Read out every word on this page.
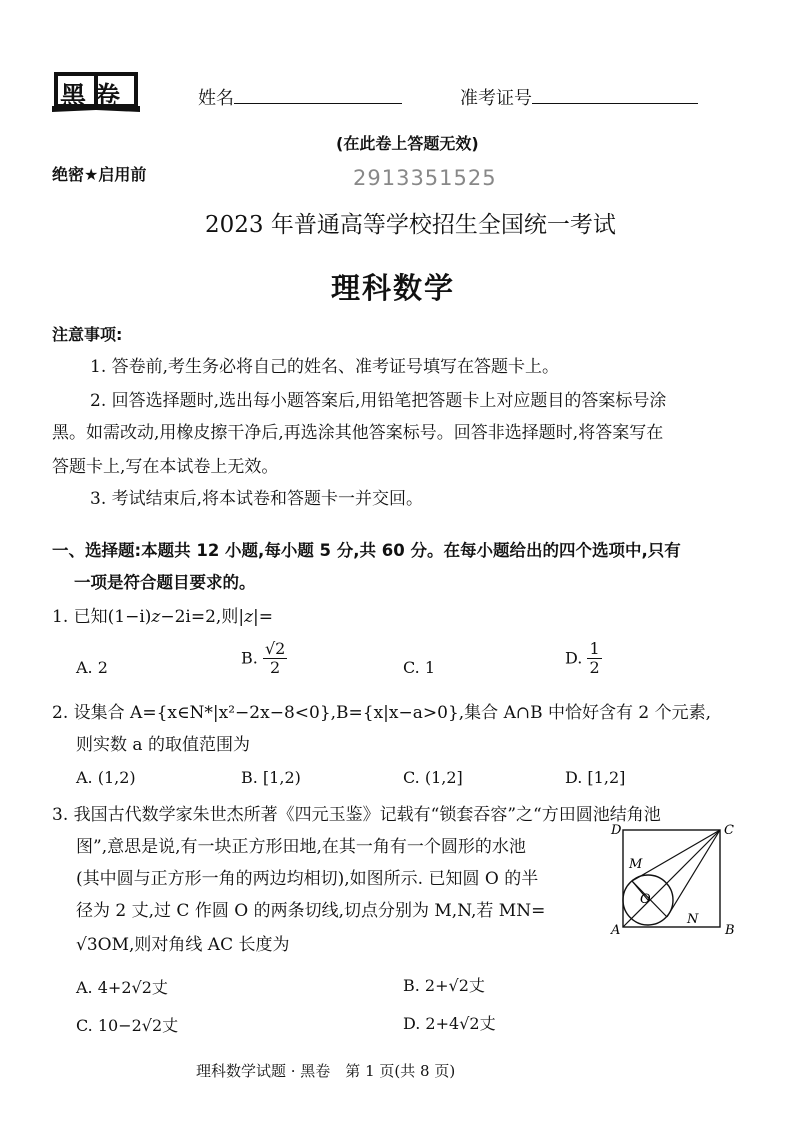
黑卷	姓名	准考证号
(在此卷上答题无效)
绝密★启用前	2913351525
2023 年普通高等学校招生全国统一考试
理科数学
注意事项:
1. 答卷前,考生务必将自己的姓名、准考证号填写在答题卡上。
2. 回答选择题时,选出每小题答案后,用铅笔把答题卡上对应题目的答案标号涂
黑。如需改动,用橡皮擦干净后,再选涂其他答案标号。回答非选择题时,将答案写在
答题卡上,写在本试卷上无效。
3. 考试结束后,将本试卷和答题卡一并交回。
一、选择题:本题共 12 小题,每小题 5 分,共 60 分。在每小题给出的四个选项中,只有
一项是符合题目要求的。
1. 已知(1−i)z−2i=2,则|z|=
A. 2	B. $\frac{√2}{2}$	C. 1	D. $\frac{1}{2}$
2. 设集合 A={x∈N*|x²−2x−8<0},B={x|x−a>0},集合 A∩B 中恰好含有 2 个元素,
则实数 a 的取值范围为
A. (1,2)	B. [1,2)	C. (1,2]	D. [1,2]
3. 我国古代数学家朱世杰所著《四元玉鉴》记载有“锁套吞容”之“方田圆池结角池
图”,意思是说,有一块正方形田地,在其一角有一个圆形的水池
(其中圆与正方形一角的两边均相切),如图所示. 已知圆 O 的半
径为 2 丈,过 C 作圆 O 的两条切线,切点分别为 M,N,若 MN=
√3OM,则对角线 AC 长度为
D	C
A	B
M
N
O
A. 4+2√2丈	B. 2+√2丈
C. 10−2√2丈	D. 2+4√2丈
理科数学试题 · 黑卷　第 1 页(共 8 页)
